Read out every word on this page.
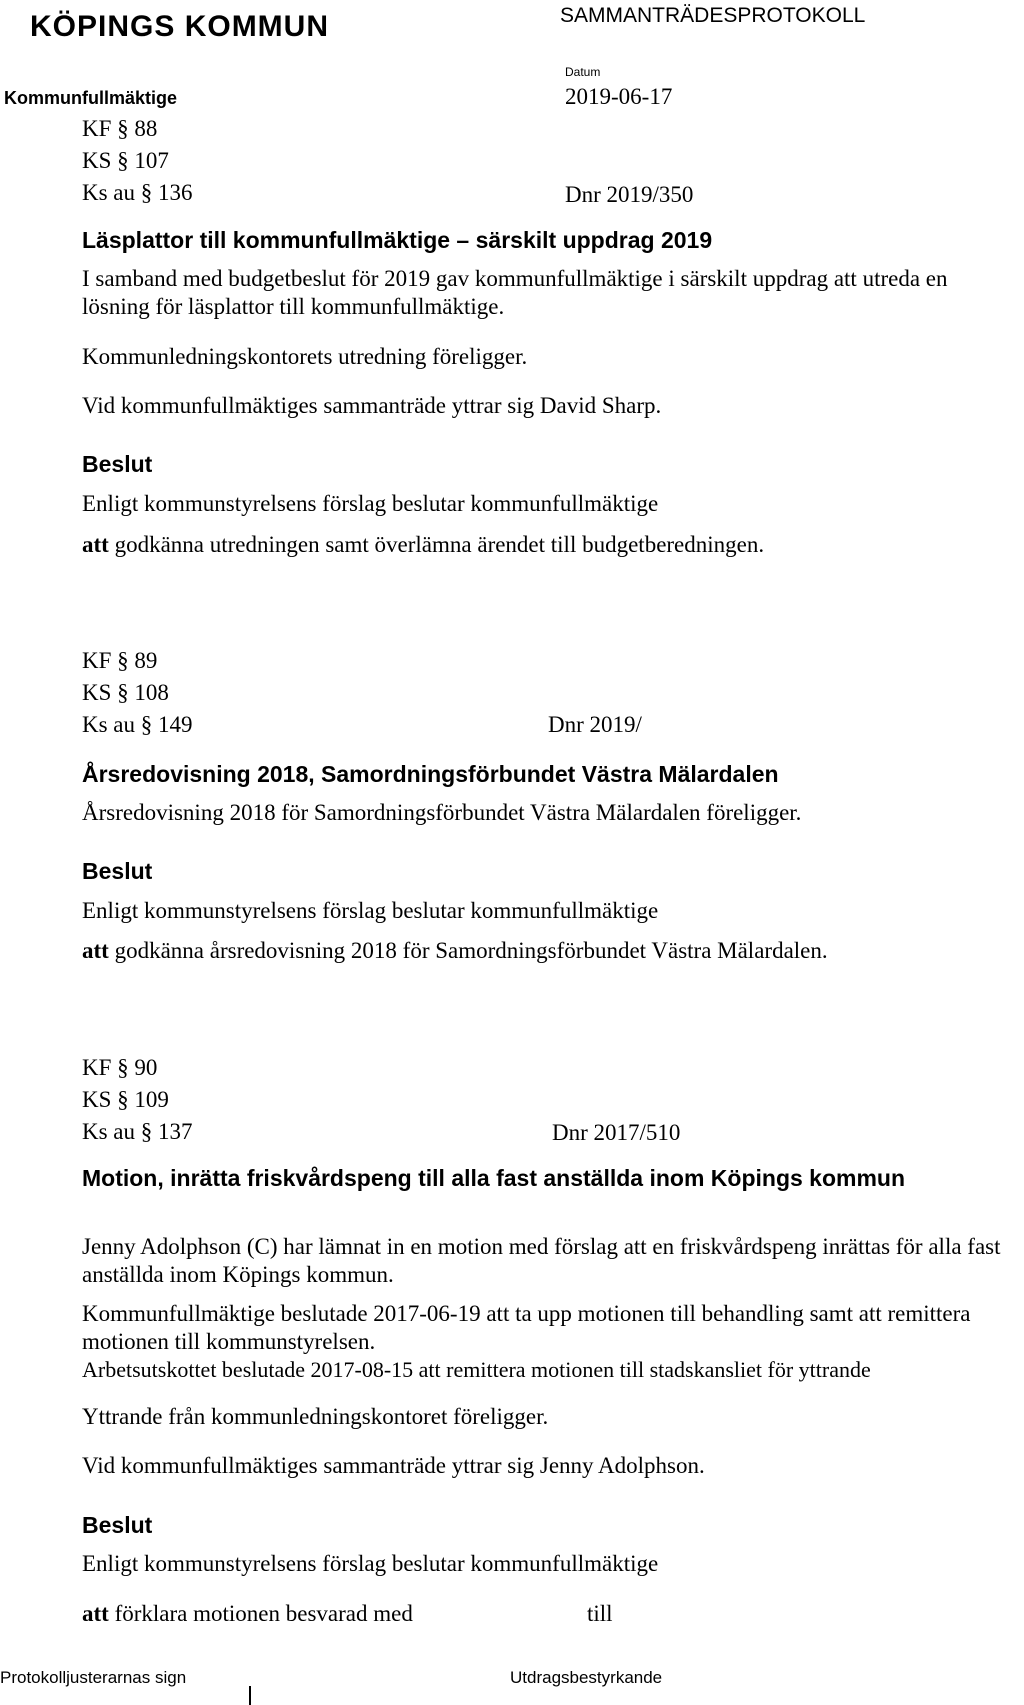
KÖPINGS KOMMUN	SAMMANTRÄDESPROTOKOLL
Kommunfullmäktige
Datum
2019-06-17
KF § 88
KS § 107
Ks au § 136	Dnr 2019/350
Läsplattor till kommunfullmäktige – särskilt uppdrag 2019
I samband med budgetbeslut för 2019 gav kommunfullmäktige i särskilt uppdrag att utreda en lösning för läsplattor till kommunfullmäktige.
Kommunledningskontorets utredning föreligger.
Vid kommunfullmäktiges sammanträde yttrar sig David Sharp.
Beslut
Enligt kommunstyrelsens förslag beslutar kommunfullmäktige
att godkänna utredningen samt överlämna ärendet till budgetberedningen.
KF § 89
KS § 108
Ks au § 149	Dnr 2019/
Årsredovisning 2018, Samordningsförbundet Västra Mälardalen
Årsredovisning 2018 för Samordningsförbundet Västra Mälardalen föreligger.
Beslut
Enligt kommunstyrelsens förslag beslutar kommunfullmäktige
att godkänna årsredovisning 2018 för Samordningsförbundet Västra Mälardalen.
KF § 90
KS § 109
Ks au § 137	Dnr 2017/510
Motion, inrätta friskvårdspeng till alla fast anställda inom Köpings kommun
Jenny Adolphson (C) har lämnat in en motion med förslag att en friskvårdspeng inrättas för alla fast anställda inom Köpings kommun.
Kommunfullmäktige beslutade 2017-06-19 att ta upp motionen till behandling samt att remittera motionen till kommunstyrelsen.
Arbetsutskottet beslutade 2017-08-15 att remittera motionen till stadskansliet för yttrande
Yttrande från kommunledningskontoret föreligger.
Vid kommunfullmäktiges sammanträde yttrar sig Jenny Adolphson.
Beslut
Enligt kommunstyrelsens förslag beslutar kommunfullmäktige
att förklara motionen besvarad med	till
Protokolljusterarnas sign	Utdragsbestyrkande
